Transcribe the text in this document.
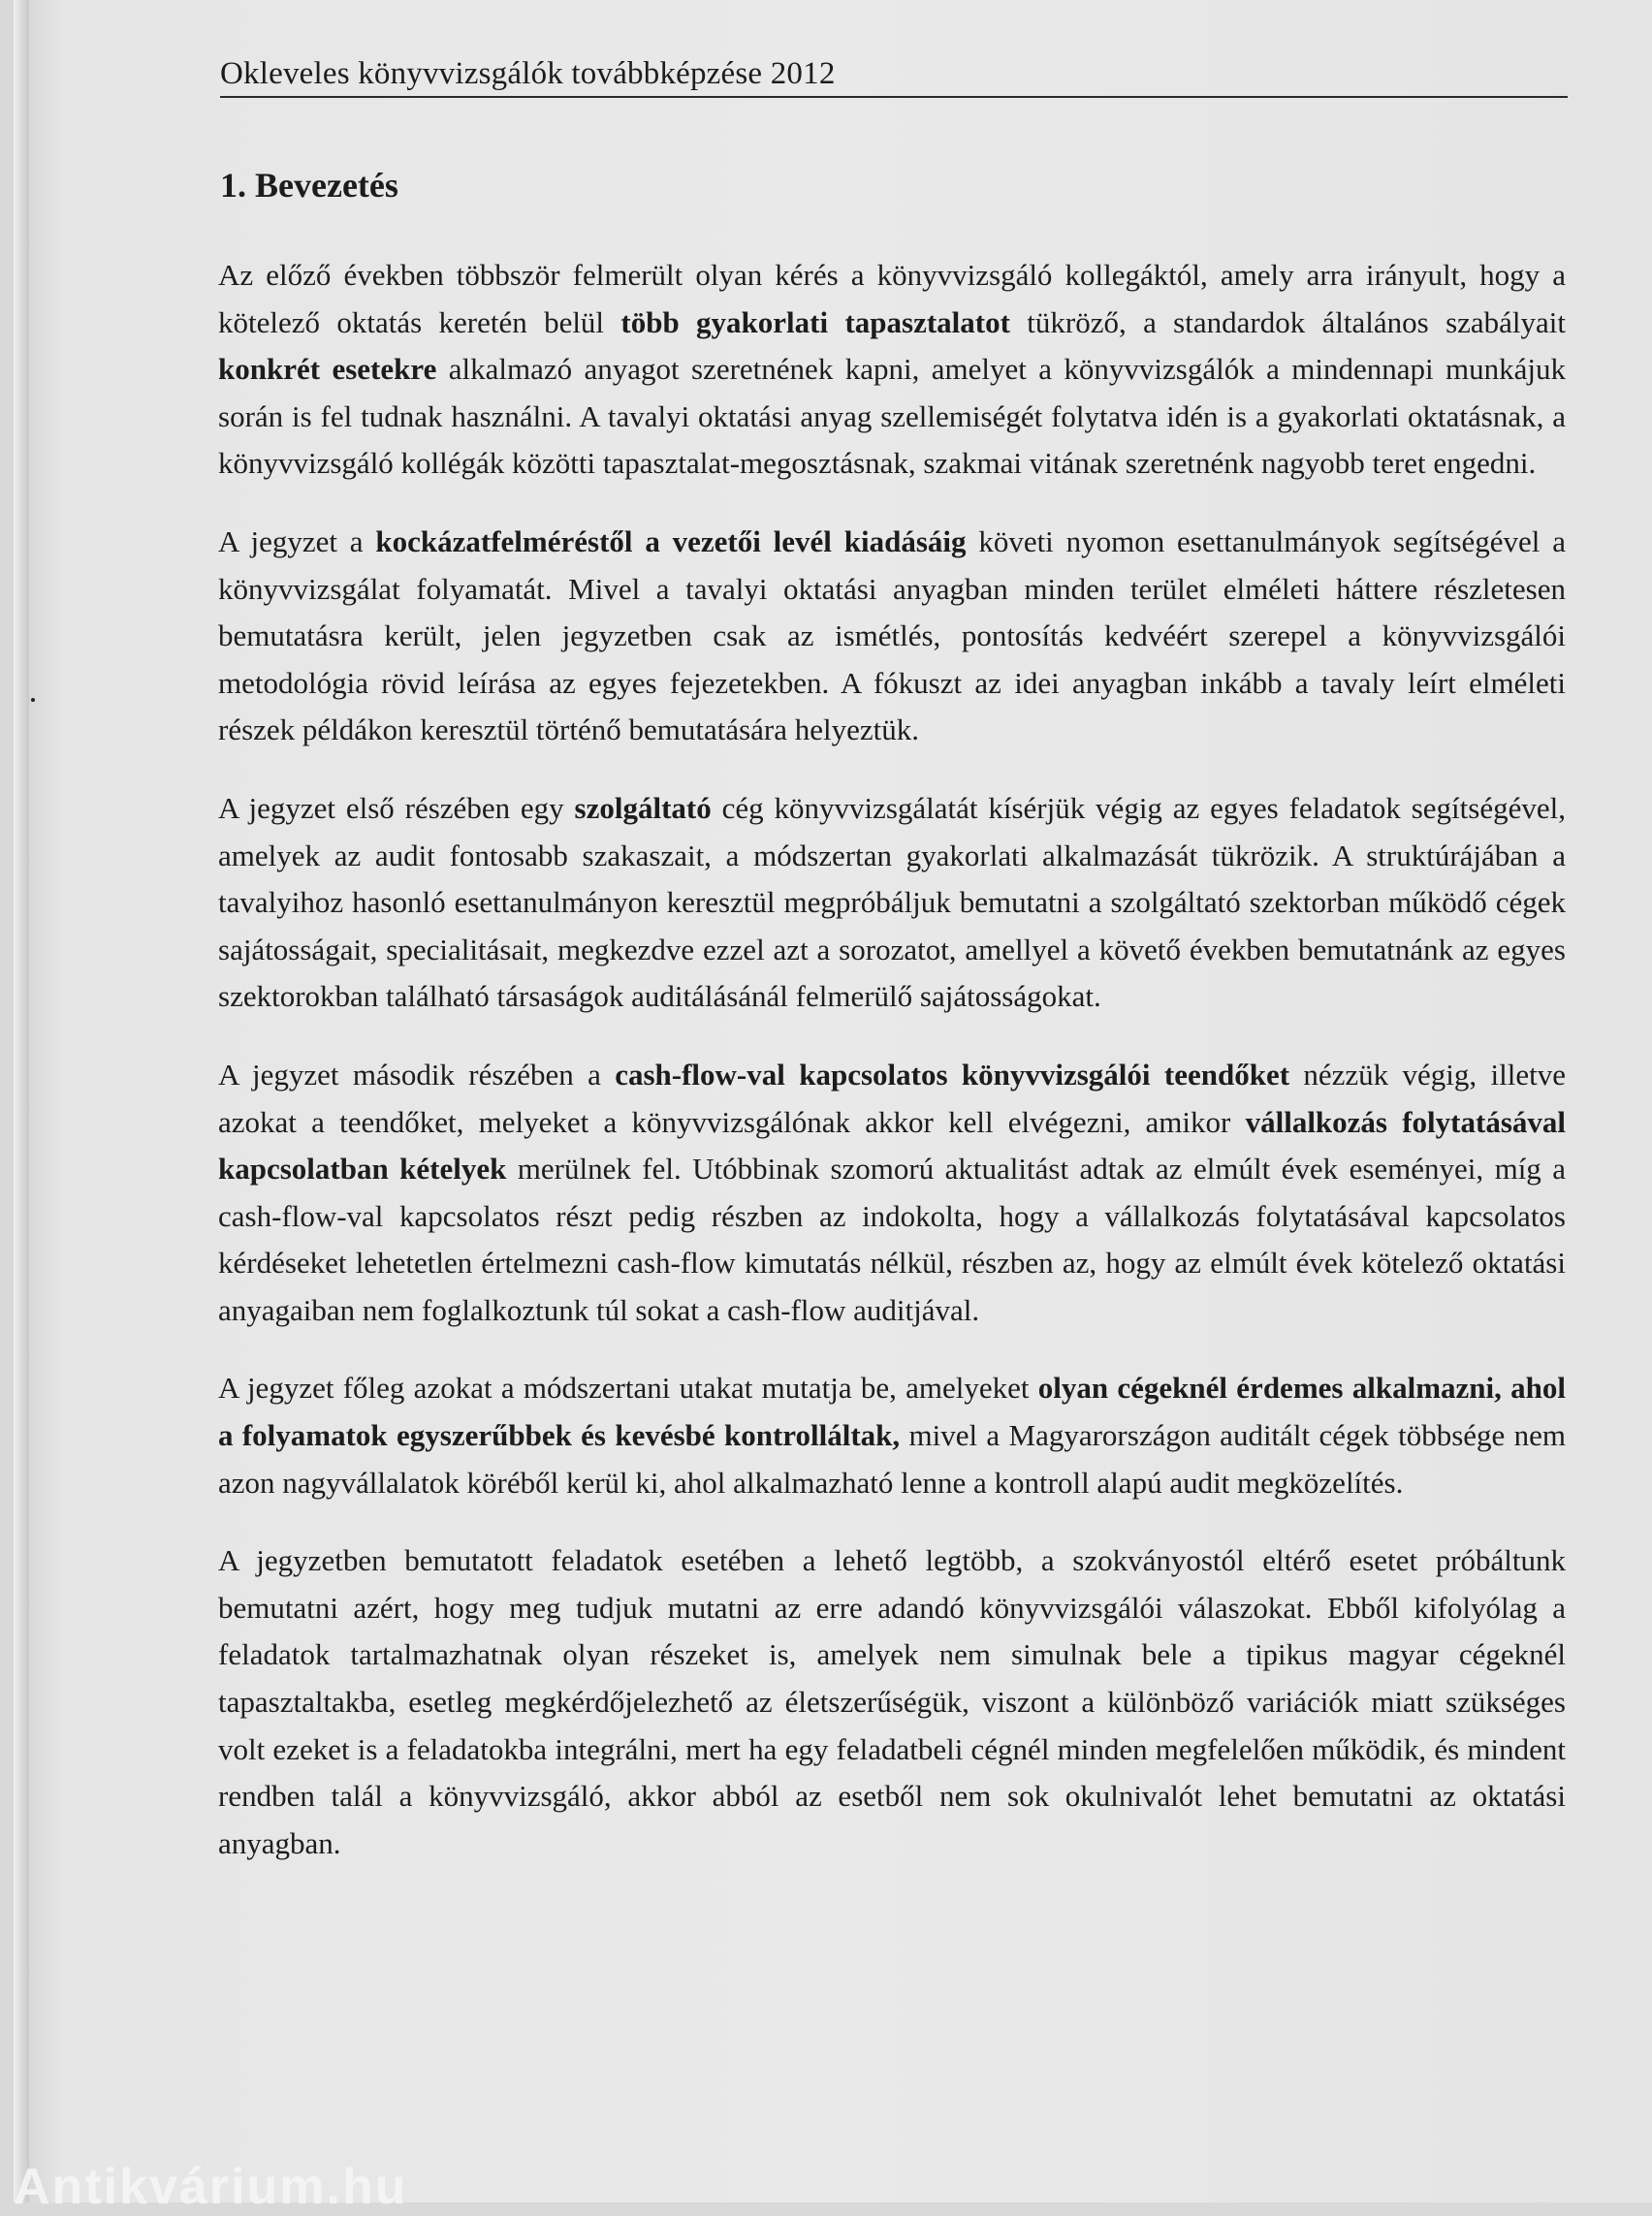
Okleveles könyvvizsgálók továbbképzése 2012
1. Bevezetés

Az előző években többször felmerült olyan kérés a könyvvizsgáló kollegáktól, amely arra irányult, hogy a kötelező oktatás keretén belül több gyakorlati tapasztalatot tükröző, a standardok általános szabályait konkrét esetekre alkalmazó anyagot szeretnének kapni, amelyet a könyvvizsgálók a mindennapi munkájuk során is fel tudnak használni. A tavalyi oktatási anyag szellemiségét folytatva idén is a gyakorlati oktatásnak, a könyvvizsgáló kollégák közötti tapasztalat-megosztásnak, szakmai vitának szeretnénk nagyobb teret engedni.

A jegyzet a kockázatfelméréstől a vezetői levél kiadásáig követi nyomon esettanulmányok segítségével a könyvvizsgálat folyamatát. Mivel a tavalyi oktatási anyagban minden terület elméleti háttere részletesen bemutatásra került, jelen jegyzetben csak az ismétlés, pontosítás kedvéért szerepel a könyvvizsgálói metodológia rövid leírása az egyes fejezetekben. A fókuszt az idei anyagban inkább a tavaly leírt elméleti részek példákon keresztül történő bemutatására helyeztük.

A jegyzet első részében egy szolgáltató cég könyvvizsgálatát kísérjük végig az egyes feladatok segítségével, amelyek az audit fontosabb szakaszait, a módszertan gyakorlati alkalmazását tükrözik. A struktúrájában a tavalyihoz hasonló esettanulmányon keresztül megpróbáljuk bemutatni a szolgáltató szektorban működő cégek sajátosságait, specialitásait, megkezdve ezzel azt a sorozatot, amellyel a követő években bemutatnánk az egyes szektorokban található társaságok auditálásánál felmerülő sajátosságokat.

A jegyzet második részében a cash-flow-val kapcsolatos könyvvizsgálói teendőket nézzük végig, illetve azokat a teendőket, melyeket a könyvvizsgálónak akkor kell elvégezni, amikor vállalkozás folytatásával kapcsolatban kételyek merülnek fel. Utóbbinak szomorú aktualitást adtak az elmúlt évek eseményei, míg a cash-flow-val kapcsolatos részt pedig részben az indokolta, hogy a vállalkozás folytatásával kapcsolatos kérdéseket lehetetlen értelmezni cash-flow kimutatás nélkül, részben az, hogy az elmúlt évek kötelező oktatási anyagaiban nem foglalkoztunk túl sokat a cash-flow auditjával.

A jegyzet főleg azokat a módszertani utakat mutatja be, amelyeket olyan cégeknél érdemes alkalmazni, ahol a folyamatok egyszerűbbek és kevésbé kontrolláltak, mivel a Magyarországon auditált cégek többsége nem azon nagyvállalatok köréből kerül ki, ahol alkalmazható lenne a kontroll alapú audit megközelítés.

A jegyzetben bemutatott feladatok esetében a lehető legtöbb, a szokványostól eltérő esetet próbáltunk bemutatni azért, hogy meg tudjuk mutatni az erre adandó könyvvizsgálói válaszokat. Ebből kifolyólag a feladatok tartalmazhatnak olyan részeket is, amelyek nem simulnak bele a tipikus magyar cégeknél tapasztaltakba, esetleg megkérdőjelezhető az életszerűségük, viszont a különböző variációk miatt szükséges volt ezeket is a feladatokba integrálni, mert ha egy feladatbeli cégnél minden megfelelően működik, és mindent rendben talál a könyvvizsgáló, akkor abból az esetből nem sok okulnivalót lehet bemutatni az oktatási anyagban.

Antikvárium.hu
